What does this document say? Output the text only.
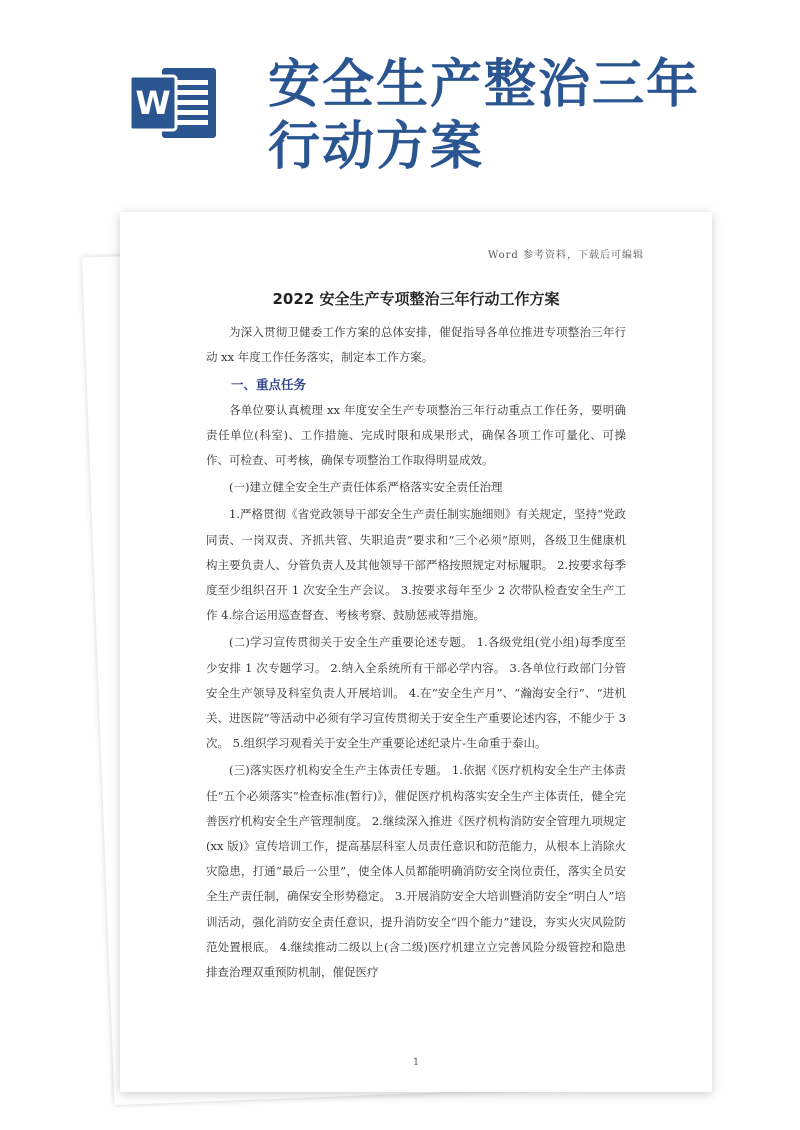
W 安全生产整治三年
行动方案
Word 参考资料，下载后可编辑
2022 安全生产专项整治三年行动工作方案

为深入贯彻卫健委工作方案的总体安排，催促指导各单位推进专项整治三年行动 xx 年度工作任务落实，制定本工作方案。

一、重点任务

各单位要认真梳理 xx 年度安全生产专项整治三年行动重点工作任务，要明确责任单位(科室)、工作措施、完成时限和成果形式，确保各项工作可量化、可操作、可检查、可考核，确保专项整治工作取得明显成效。

(一)建立健全安全生产责任体系严格落实安全责任治理

1.严格贯彻《省党政领导干部安全生产责任制实施细则》有关规定，坚持“党政同责、一岗双责、齐抓共管、失职追责”要求和“三个必须”原则，各级卫生健康机构主要负责人、分管负责人及其他领导干部严格按照规定对标履职。 2.按要求每季度至少组织召开 1 次安全生产会议。 3.按要求每年至少 2 次带队检查安全生产工作 4.综合运用巡查督查、考核考察、鼓励惩戒等措施。

(二)学习宣传贯彻关于安全生产重要论述专题。 1.各级党组(党小组)每季度至少安排 1 次专题学习。 2.纳入全系统所有干部必学内容。 3.各单位行政部门分管安全生产领导及科室负责人开展培训。 4.在“安全生产月”、“瀚海安全行”、“进机关、进医院”等活动中必须有学习宣传贯彻关于安全生产重要论述内容，不能少于 3 次。 5.组织学习观看关于安全生产重要论述纪录片-生命重于泰山。

(三)落实医疗机构安全生产主体责任专题。 1.依据《医疗机构安全生产主体责任“五个必须落实”检查标准(暂行)》，催促医疗机构落实安全生产主体责任，健全完善医疗机构安全生产管理制度。 2.继续深入推进《医疗机构消防安全管理九项规定(xx 版)》宣传培训工作，提高基层科室人员责任意识和防范能力，从根本上消除火灾隐患，打通“最后一公里”，使全体人员都能明确消防安全岗位责任，落实全员安全生产责任制，确保安全形势稳定。 3.开展消防安全大培训暨消防安全“明白人”培训活动，强化消防安全责任意识，提升消防安全“四个能力”建设，夯实火灾风险防范处置根底。 4.继续推动二级以上(含二级)医疗机建立立完善风险分级管控和隐患排查治理双重预防机制，催促医疗

1
